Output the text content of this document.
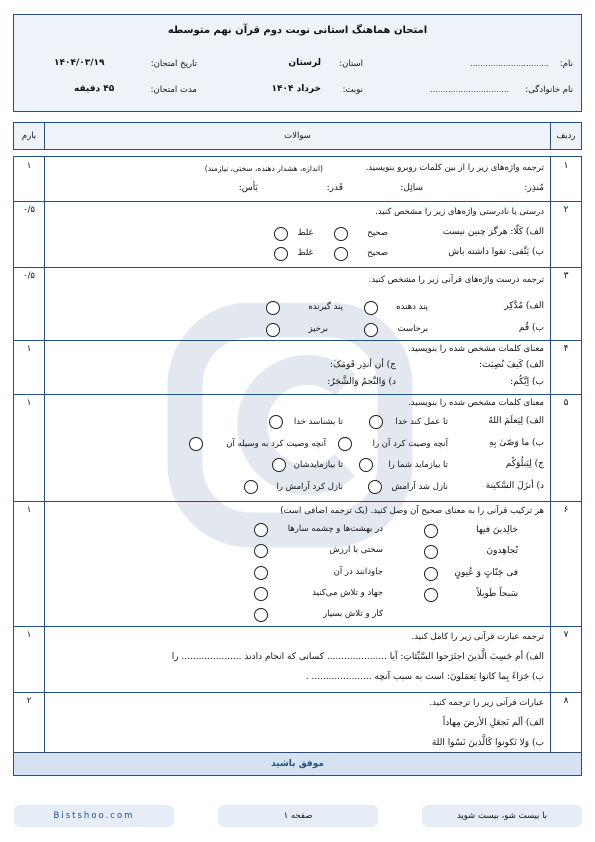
امتحان هماهنگ استانی نوبت دوم قرآن نهم متوسطه
نام:
...............................
نام خانوادگی:
...............................
استان:
لرستان
نوبت:
خرداد ۱۴۰۴
تاریخ امتحان:
۱۴۰۴/۰۳/۱۹
مدت امتحان:
۴۵ دقیقه
ردیف
سوالات
بارم
۱
۱	ترجمه واژه‌های زیر را از بین کلمات روبرو بنویسید.
(اندازه، هشدار دهنده، سختی، نیازمند)
مُنذِر:
سائِل:
قَدر:
بَأس:
۲
۰/۵	درستی یا نادرستی واژه‌های زیر را مشخص کنید.
الف) کَلّا: هرگز چنین نیست
صحیح
غلط
ب) یَتَّقی: تقوا داشته باش
صحیح
غلط
۳
۰/۵	ترجمه درست واژه‌های قرآنی زیر را مشخص کنید.
الف) مُدَّکِر
پند دهنده
پند گیرنده
ب) قُم
برخاست
برخیز
۴
۱	معنای کلمات مشخص شده را بنویسید.
الف) کَیفَ نُصِبَت:
ب) اِیَّکُم:
ج) أن أنذِر قَومَکَ:
د) وَالنَّجمُ وَالشَّجَرُ:
۵
۱	معنای کلمات مشخص شده را بنویسید.
الف) لِیَعلَمَ اللهُ
تا عمل کند خدا
تا بشناسد خدا
ب) ما وَصّیٰ بِهِ
آنچه وصیت کرد آن را
آنچه وصیت کرد به وسیله آن
ج) لِیَبلُوَکُم
تا بیازماید شما را
تا بیازمایدشان
د) أنزَلَ السَّکینة
نازل شد آرامش
نازل کرد آرامش را
۶
۱	هر ترکیب قرآنی را به معنای صحیح آن وصل کنید. (یک ترجمه اضافی است)
خالِدینَ فیها
تُجاهِدونَ
فی جَنّاتٍ وَ عُیونٍ
سَبحاً طَویلاً
در بهشت‌ها و چشمه سارها
سختی با ارزش
جاودانند در آن
جهاد و تلاش می‌کنید
کار و تلاش بسیار
۷
۱	ترجمه عبارت قرآنی زیر را کامل کنید.
الف) أم حَسِبَ الَّذینَ اجتَرَحوا السَّیِّئاتِ: آیا ..................... کسانی که انجام دادند ..................... را
ب) جَزاءً بِما کانوا یَعمَلونَ: است به سبب آنچه ..................... .
۸
۲	عبارات قرآنی زیر را ترجمه کنید.
الف) ألَم نَجعَلِ الأرضَ مِهاداً
ب) وَلا تَکونوا کَالَّذینَ نَسُوا اللهَ
موفق باشید
Bistshoo.com	صفحه ۱	با بیست شو، بیست شوید
